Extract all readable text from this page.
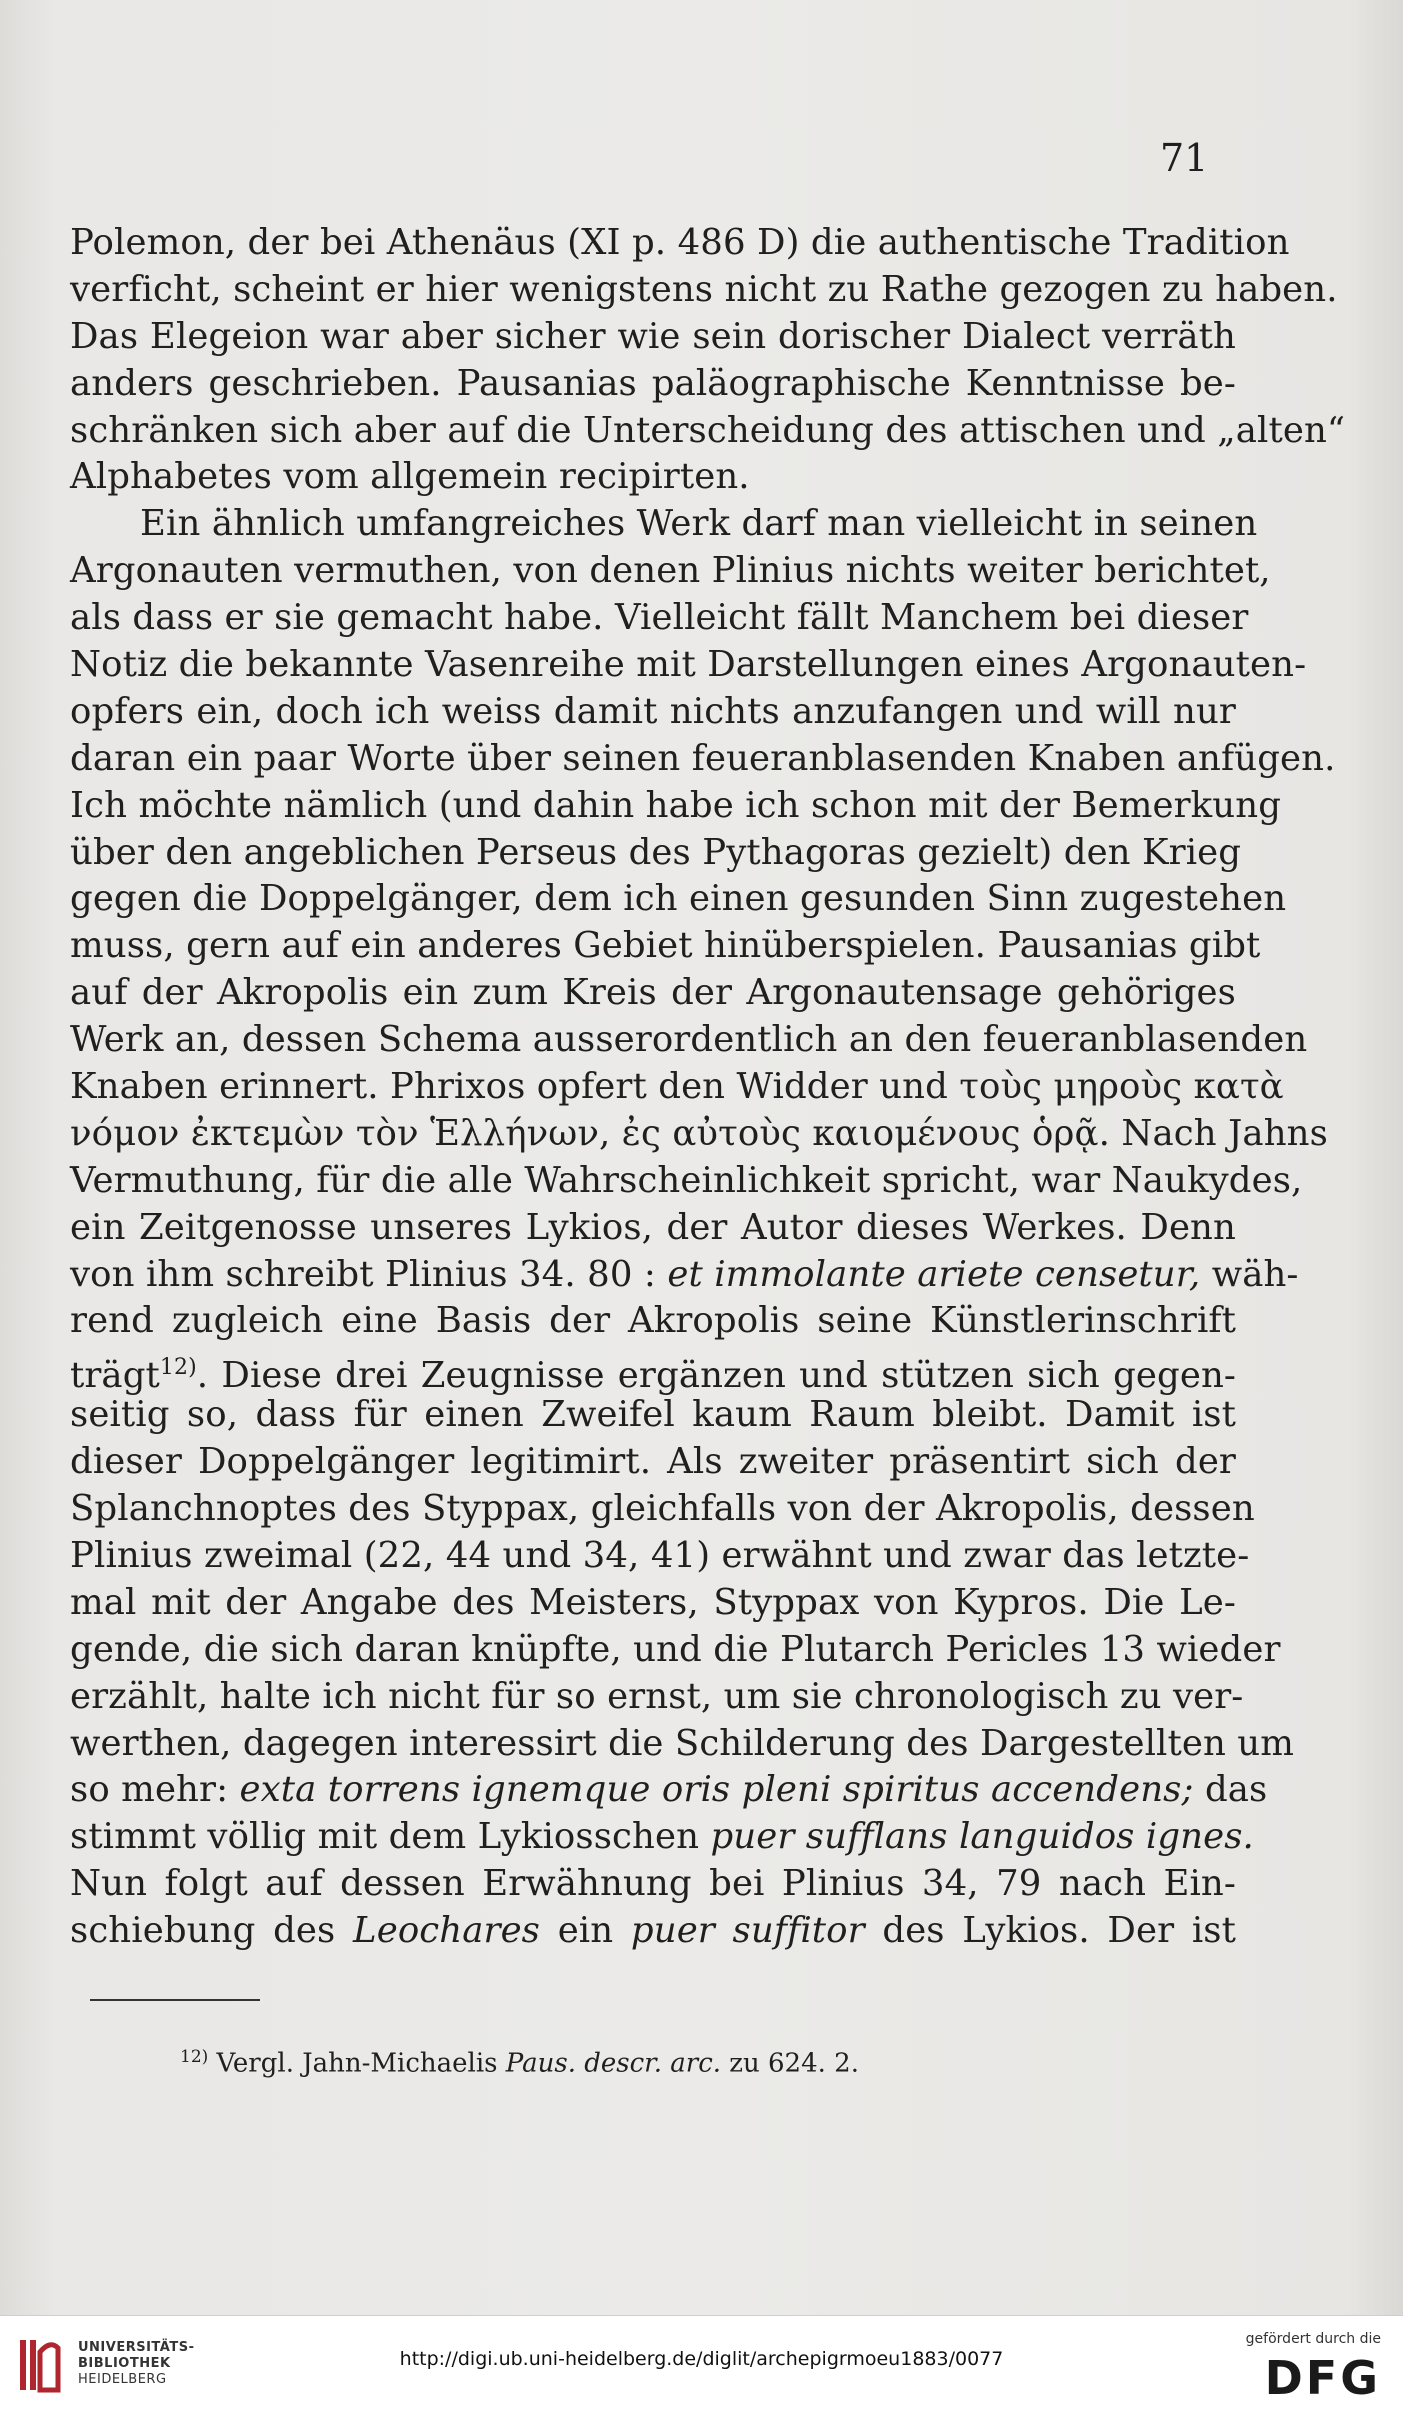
71
Polemon, der bei Athenäus (XI p. 486 D) die authentische Tradition
verficht, scheint er hier wenigstens nicht zu Rathe gezogen zu haben.
Das Elegeion war aber sicher wie sein dorischer Dialect verräth
anders geschrieben. Pausanias paläographische Kenntnisse be-
schränken sich aber auf die Unterscheidung des attischen und „alten“
Alphabetes vom allgemein recipirten.
Ein ähnlich umfangreiches Werk darf man vielleicht in seinen
Argonauten vermuthen, von denen Plinius nichts weiter berichtet,
als dass er sie gemacht habe. Vielleicht fällt Manchem bei dieser
Notiz die bekannte Vasenreihe mit Darstellungen eines Argonauten-
opfers ein, doch ich weiss damit nichts anzufangen und will nur
daran ein paar Worte über seinen feueranblasenden Knaben anfügen.
Ich möchte nämlich (und dahin habe ich schon mit der Bemerkung
über den angeblichen Perseus des Pythagoras gezielt) den Krieg
gegen die Doppelgänger, dem ich einen gesunden Sinn zugestehen
muss, gern auf ein anderes Gebiet hinüberspielen. Pausanias gibt
auf der Akropolis ein zum Kreis der Argonautensage gehöriges
Werk an, dessen Schema ausserordentlich an den feueranblasenden
Knaben erinnert. Phrixos opfert den Widder und τοὺς μηροὺς κατὰ
νόμον ἐκτεμὼν τὸν Ἑλλήνων, ἐς αὐτοὺς καιομένους ὁρᾷ. Nach Jahns
Vermuthung, für die alle Wahrscheinlichkeit spricht, war Naukydes,
ein Zeitgenosse unseres Lykios, der Autor dieses Werkes. Denn
von ihm schreibt Plinius 34. 80 : et immolante ariete censetur, wäh-
rend zugleich eine Basis der Akropolis seine Künstlerinschrift
trägt$^{12)}$. Diese drei Zeugnisse ergänzen und stützen sich gegen-
seitig so, dass für einen Zweifel kaum Raum bleibt. Damit ist
dieser Doppelgänger legitimirt. Als zweiter präsentirt sich der
Splanchnoptes des Styppax, gleichfalls von der Akropolis, dessen
Plinius zweimal (22, 44 und 34, 41) erwähnt und zwar das letzte-
mal mit der Angabe des Meisters, Styppax von Kypros. Die Le-
gende, die sich daran knüpfte, und die Plutarch Pericles 13 wieder
erzählt, halte ich nicht für so ernst, um sie chronologisch zu ver-
werthen, dagegen interessirt die Schilderung des Dargestellten um
so mehr: exta torrens ignemque oris pleni spiritus accendens; das
stimmt völlig mit dem Lykiosschen puer sufflans languidos ignes.
Nun folgt auf dessen Erwähnung bei Plinius 34, 79 nach Ein-
schiebung des Leochares ein puer suffitor des Lykios. Der ist
$^{12)}$ Vergl. Jahn-Michaelis Paus. descr. arc. zu 624. 2.
UNIVERSITÄTS-
BIBLIOTHEK
HEIDELBERG
http://digi.ub.uni-heidelberg.de/diglit/archepigrmoeu1883/0077
gefördert durch die
DFG
